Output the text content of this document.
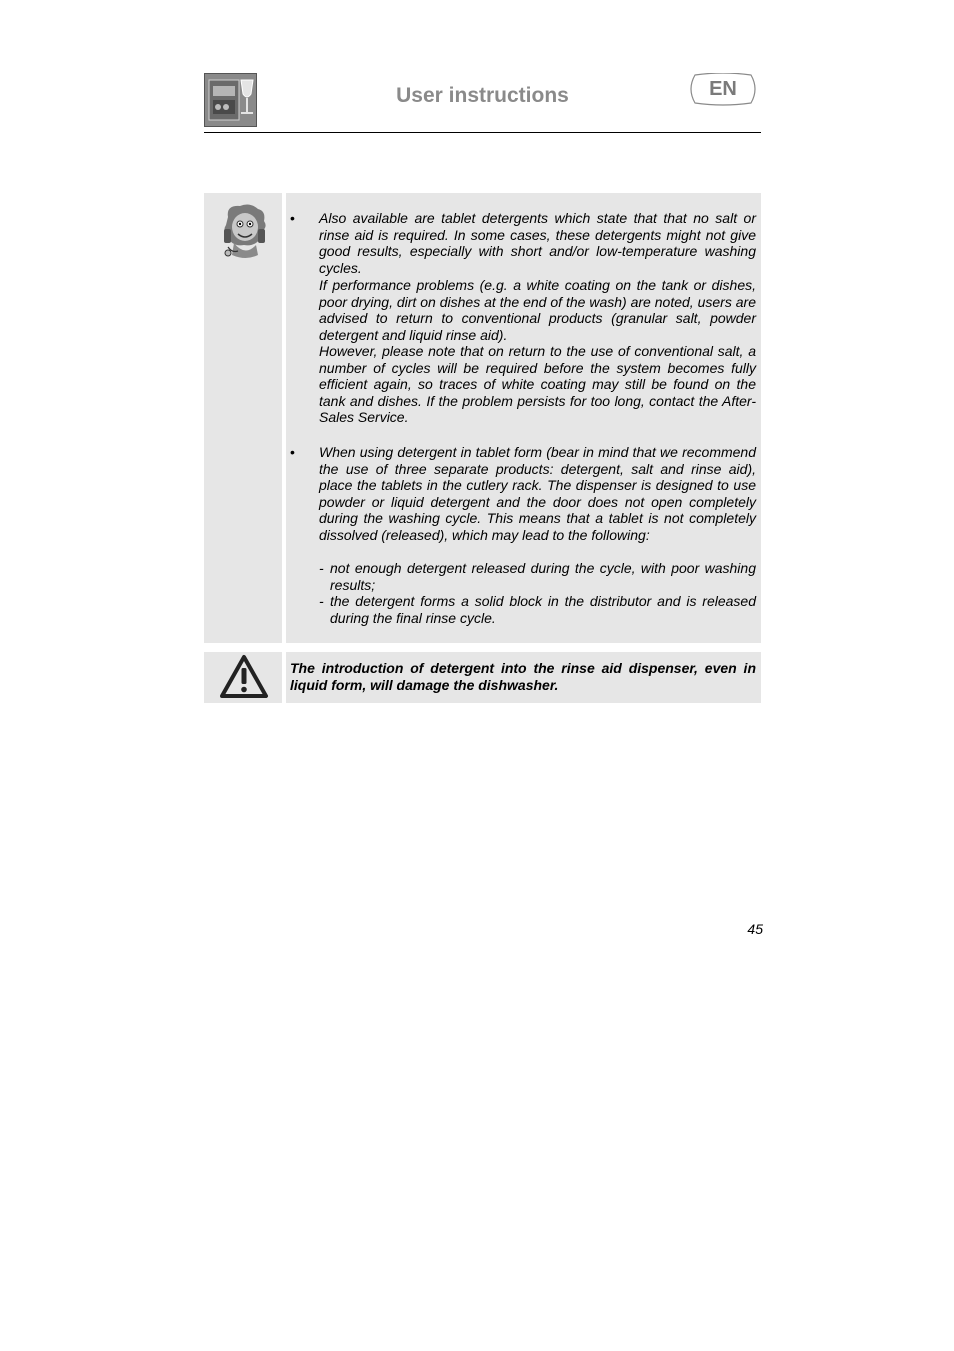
User instructions	EN
• Also available are tablet detergents which state that that no salt or rinse aid is required. In some cases, these detergents might not give good results, especially with short and/or low-temperature washing cycles.

If performance problems (e.g. a white coating on the tank or dishes, poor drying, dirt on dishes at the end of the wash) are noted, users are advised to return to conventional products (granular salt, powder detergent and liquid rinse aid).

However, please note that on return to the use of conventional salt, a number of cycles will be required before the system becomes fully efficient again, so traces of white coating may still be found on the tank and dishes. If the problem persists for too long, contact the After-Sales Service.

• When using detergent in tablet form (bear in mind that we recommend the use of three separate products: detergent, salt and rinse aid), place the tablets in the cutlery rack. The dispenser is designed to use powder or liquid detergent and the door does not open completely during the washing cycle. This means that a tablet is not completely dissolved (released), which may lead to the following:

- not enough detergent released during the cycle, with poor washing results;
- the detergent forms a solid block in the distributor and is released during the final rinse cycle.
The introduction of detergent into the rinse aid dispenser, even in liquid form, will damage the dishwasher.
45
